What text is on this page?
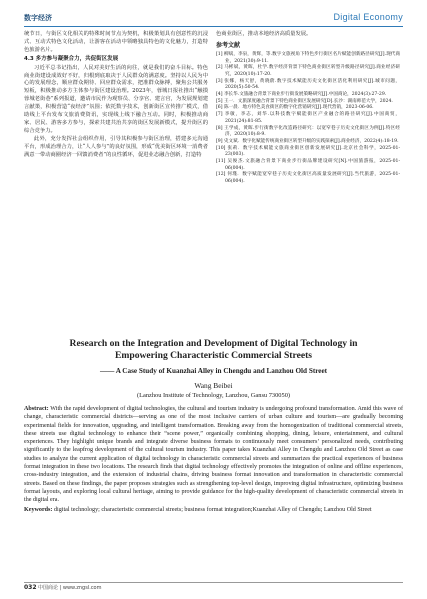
数字经济	Digital Economy

统节日，与街区文化相关的特殊时间节点为契机，积极策划具有创意性的沉浸式、互动式特色文化活动，让游客在活动中领略独具特色的文化魅力，打造特色旅游名片。

4.3 多方参与凝聚合力，共促街区发展

习近平总书记指出，人民对美好生活的向往，就是我们的奋斗目标。特色商业街建设成效好不好，归根到底取决于人民群众的满意度。坚持以人民为中心的发展理念，顺应群众期待、回应群众需求，把准群众脉搏，聚焦公共服务短板，积极推动多方主体参与街区建设治理。2023年，蓉城日报社推出“触摸蓉城老街巷”系列报道，邀请市民作为观察员、分享官、建言官，为发展规划建言献策，积极营造“夜经济”氛围；依托数字技术，创新街区宣传推广模式，借助线上平台发布文旅消费资讯，实现线上线下融合互动。同时，积极推动商家、居民、游客多方参与，探索共建共治共享的街区发展新模式，提升街区的综合竞争力。

此外，充分发挥社会组织作用，引导其积极参与街区治理，搭建多元沟通平台，形成治理合力，让“人人参与”的良好氛围，形成“优美街区环境一消费者满意一带动商圈经济一回馈消费者”的良性循环，促进业态融合创新，打造特

色商业街区，推动本地经济高质量发展。

参考文献

[1] 柳斌，李泉，黄辉，等.数字文旅视角下特色步行街区名片赋能创新路径研究[J].现代商业，2021(30):9-11.

[2] 马彬斌，黄晖，杜学.数字经济背景下特色商业街区转型升级路径研究[J].商业经济研究，2020(10):17-20.

[3] 张娜，杨天舒，黄晓蔚.数字技术赋能历史文化街区活化利用研究[J].城市问题，2020(5):50-54.

[4] 李长华.文旅融合背景下商业步行街发展策略研究[J].中国商论，2024(3):27-29.

[5] 王一．文旅深度融合背景下特色商业街区发展研究[D].长沙：湖南师范大学，2024.

[6] 陈一晨．地方特色美食街区的数字化营销研究[J].现代营销，2023-06-06.

[7] 李敏，李志，刘华.以科技数字赋能街区产业融合的路径研究[J].中国商贸，2021(24):81-85.

[8] 王学成，黄晖.步行街数字化改造路径研究：以宽窄巷子历史文化街区为例[J].特区经济，2020(10):8-9.

[9] 史文斌．数字化赋能传统商业街区转型升级的实践探索[J].商业经济，2022(4):18-19.

[10] 张莉．数字技术赋能文旅商业街区创新发展研究[J].北京社会科学，2025-01-23(003).

[11] 吴俊杰.文旅融合背景下商业步行街品牌建设研究[N].中国旅游报，2025-01-06(004).

[12] 何瑾．数字赋能宽窄巷子历史文化街区高质量发展研究[J].当代旅游，2025-01-06(004).

Research on the Integration and Development of Digital Technology in
Empowering Characteristic Commercial Streets
—— A Case Study of Kuanzhai Alley in Chengdu and Lanzhou Old Street
Wang Beibei
(Lanzhou Institute of Technology, Lanzhou, Gansu 730050)
Abstract: With the rapid development of digital technologies, the cultural and tourism industry is undergoing profound transformation. Amid this wave of change, characteristic commercial districts—serving as one of the most inclusive carriers of urban culture and tourism—are gradually becoming experimental fields for innovation, upgrading, and intelligent transformation. Breaking away from the homogenization of traditional commercial streets, these streets use digital technology to enhance their “scene power,” organically combining shopping, dining, leisure, entertainment, and cultural experiences. They highlight unique brands and integrate diverse business formats to continuously meet consumers’ personalized needs, contributing significantly to the leapfrog development of the cultural tourism industry. This paper takes Kuanzhai Alley in Chengdu and Lanzhou Old Street as case studies to analyze the current application of digital technology in characteristic commercial streets and summarizes the practical experiences of business format integration in these two locations. The research finds that digital technology effectively promotes the integration of online and offline experiences, cross-industry integration, and the extension of industrial chains, driving business format innovation and transformation in characteristic commercial streets. Based on these findings, the paper proposes strategies such as strengthening top-level design, improving digital infrastructure, optimizing business format layouts, and exploring local cultural heritage, aiming to provide guidance for the high-quality development of characteristic commercial streets in the digital era.
Keywords: digital technology; characteristic commercial streets; business format integration;Kuanzhai Alley of Chengdu; Lanzhou Old Street
032 中国商论 | www.zngsl.com
